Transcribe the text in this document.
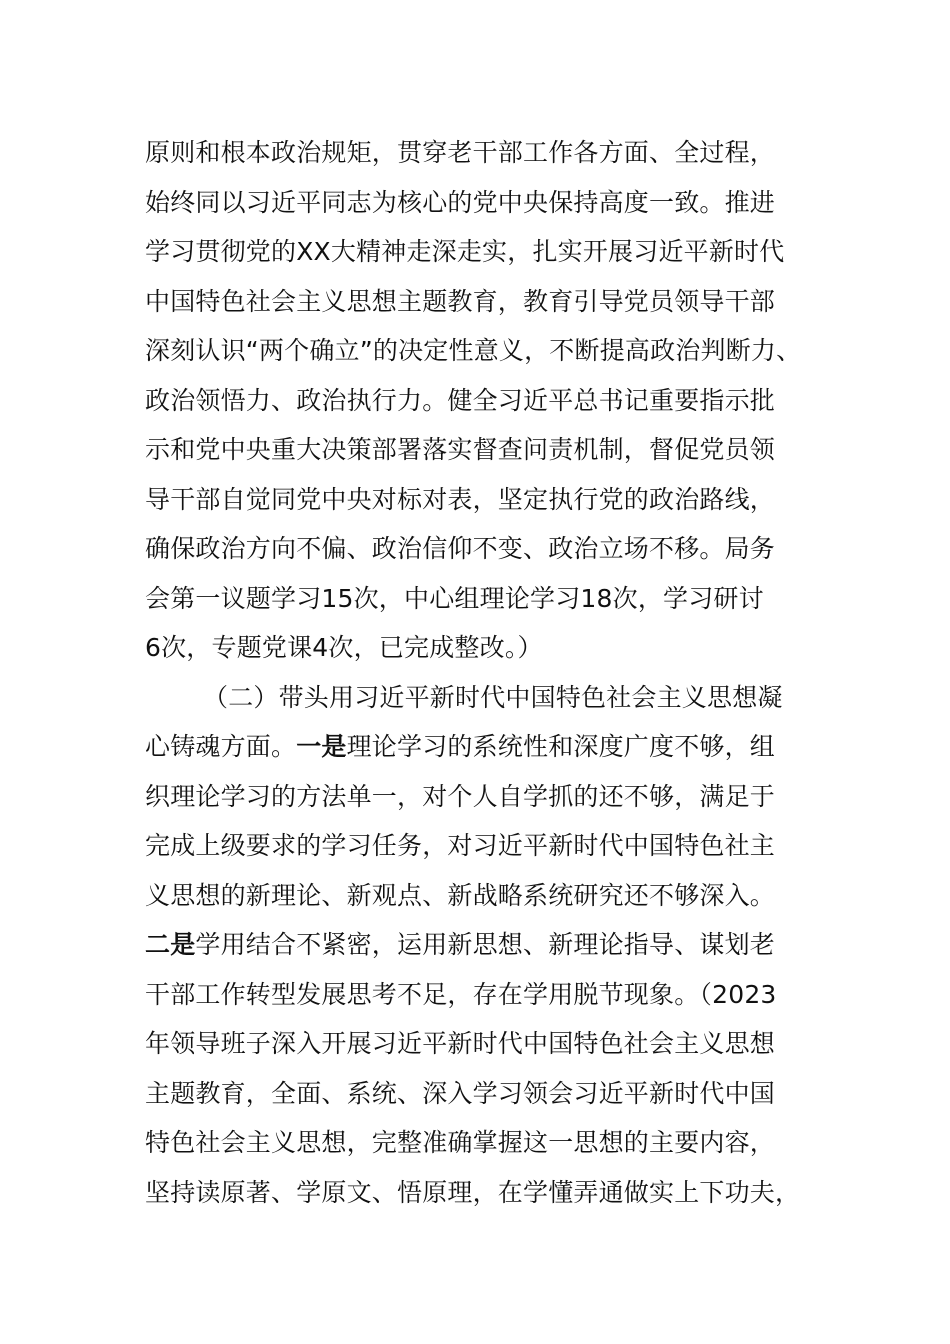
原则和根本政治规矩，贯穿老干部工作各方面、全过程，
始终同以习近平同志为核心的党中央保持高度一致。推进
学习贯彻党的XX大精神走深走实，扎实开展习近平新时代
中国特色社会主义思想主题教育，教育引导党员领导干部
深刻认识“两个确立”的决定性意义，不断提高政治判断力、
政治领悟力、政治执行力。健全习近平总书记重要指示批
示和党中央重大决策部署落实督查问责机制，督促党员领
导干部自觉同党中央对标对表，坚定执行党的政治路线，
确保政治方向不偏、政治信仰不变、政治立场不移。局务
会第一议题学习15次，中心组理论学习18次，学习研讨
6次，专题党课4次，已完成整改。）
（二）带头用习近平新时代中国特色社会主义思想凝
心铸魂方面。一是理论学习的系统性和深度广度不够，组
织理论学习的方法单一，对个人自学抓的还不够，满足于
完成上级要求的学习任务，对习近平新时代中国特色社主
义思想的新理论、新观点、新战略系统研究还不够深入。
二是学用结合不紧密，运用新思想、新理论指导、谋划老
干部工作转型发展思考不足，存在学用脱节现象。（2023
年领导班子深入开展习近平新时代中国特色社会主义思想
主题教育，全面、系统、深入学习领会习近平新时代中国
特色社会主义思想，完整准确掌握这一思想的主要内容，
坚持读原著、学原文、悟原理，在学懂弄通做实上下功夫，
